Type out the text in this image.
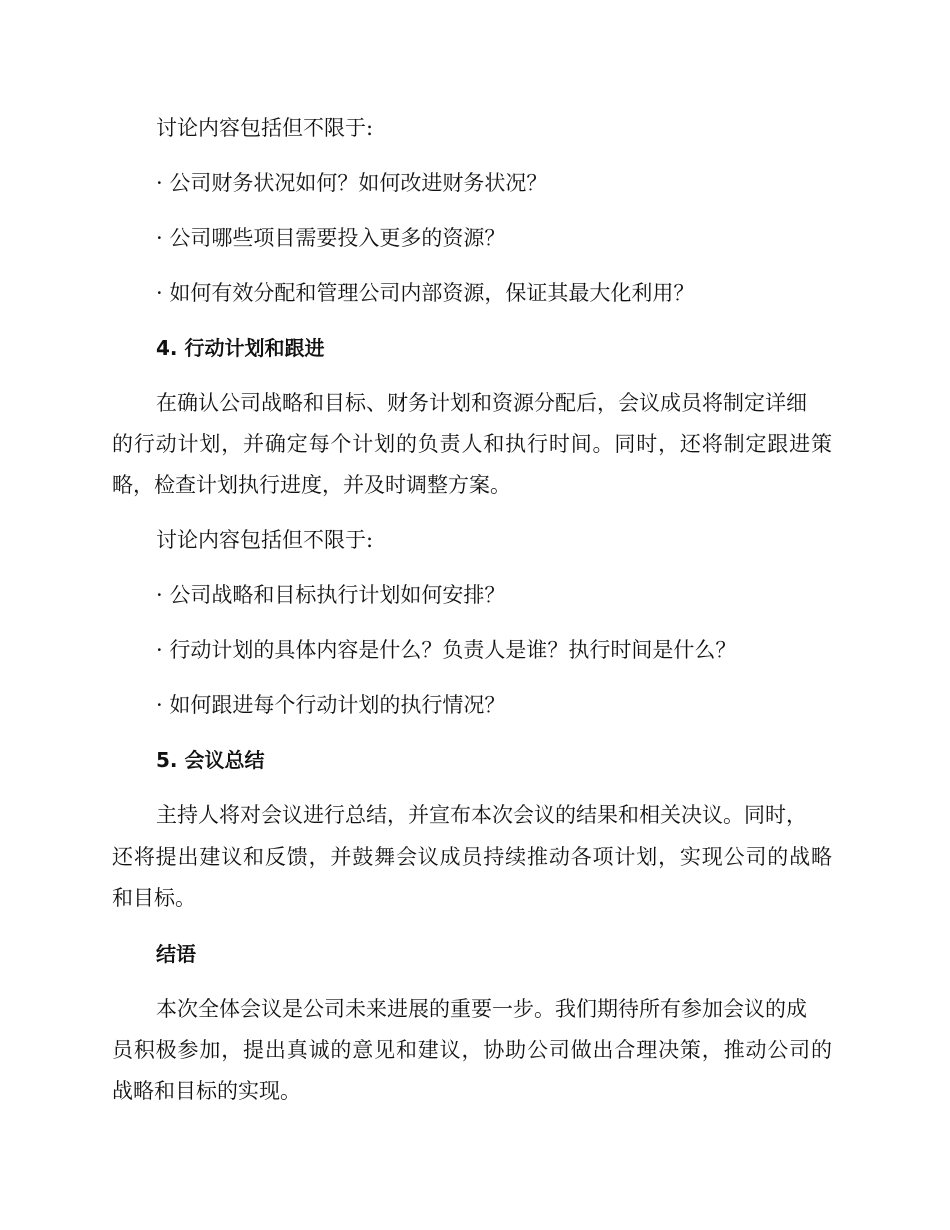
讨论内容包括但不限于:
· 公司财务状况如何？如何改进财务状况？
· 公司哪些项目需要投入更多的资源？
· 如何有效分配和管理公司内部资源，保证其最大化利用？
4. 行动计划和跟进
在确认公司战略和目标、财务计划和资源分配后，会议成员将制定详细
的行动计划，并确定每个计划的负责人和执行时间。同时，还将制定跟进策
略，检查计划执行进度，并及时调整方案。
讨论内容包括但不限于:
· 公司战略和目标执行计划如何安排？
· 行动计划的具体内容是什么？负责人是谁？执行时间是什么？
· 如何跟进每个行动计划的执行情况？
5. 会议总结
主持人将对会议进行总结，并宣布本次会议的结果和相关决议。同时，
还将提出建议和反馈，并鼓舞会议成员持续推动各项计划，实现公司的战略
和目标。
结语
本次全体会议是公司未来进展的重要一步。我们期待所有参加会议的成
员积极参加，提出真诚的意见和建议，协助公司做出合理决策，推动公司的
战略和目标的实现。
